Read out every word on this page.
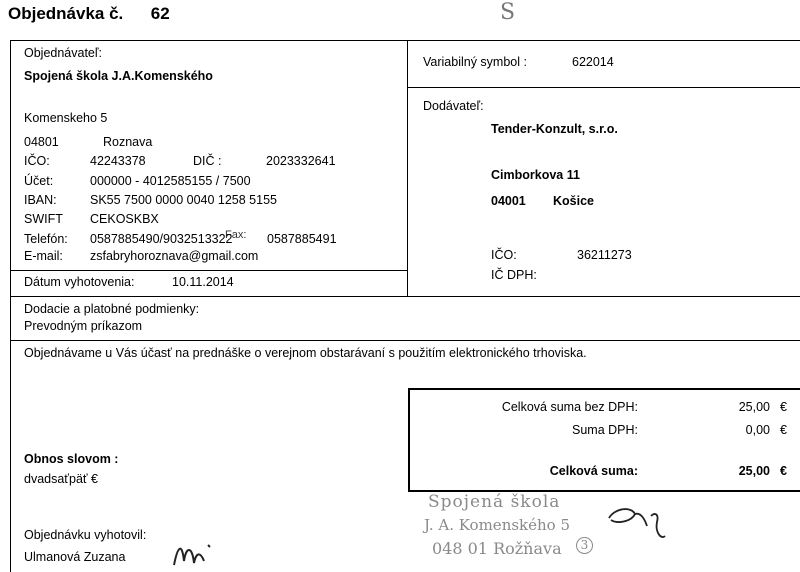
Objednávka č. 62	S
Objednávateľ:
Spojená škola J.A.Komenského
Komenskeho 5
04801	Roznava
IČO:	42243378	DIČ :	2023332641
Účet:	000000 - 4012585155 / 7500
IBAN:	SK55 7500 0000 0040 1258 5155
SWIFT CEKOSKBX
Telefón: 0587885490/9032513322
Fax: 0587885491
E-mail: zsfabryhoroznava@gmail.com
Dátum vyhotovenia:	10.11.2014
Variabilný symbol :	622014
Dodávateľ:
Tender-Konzult, s.r.o.
Cimborkova 11
04001 Košice
IČO:	36211273
IČ DPH:
Dodacie a platobné podmienky:
Prevodným príkazom
Objednávame u Vás účasť na prednáške o verejnom obstarávaní s použitím elektronického trhoviska.
Celková suma bez DPH:	25,00 €
Suma DPH:	0,00 €
Celková suma:	25,00 €
Obnos slovom :
dvadsaťpäť €
Objednávku vyhotovil:
Ulmanová Zuzana
Spojená škola
J. A. Komenského 5
048 01 Rožňava	3
